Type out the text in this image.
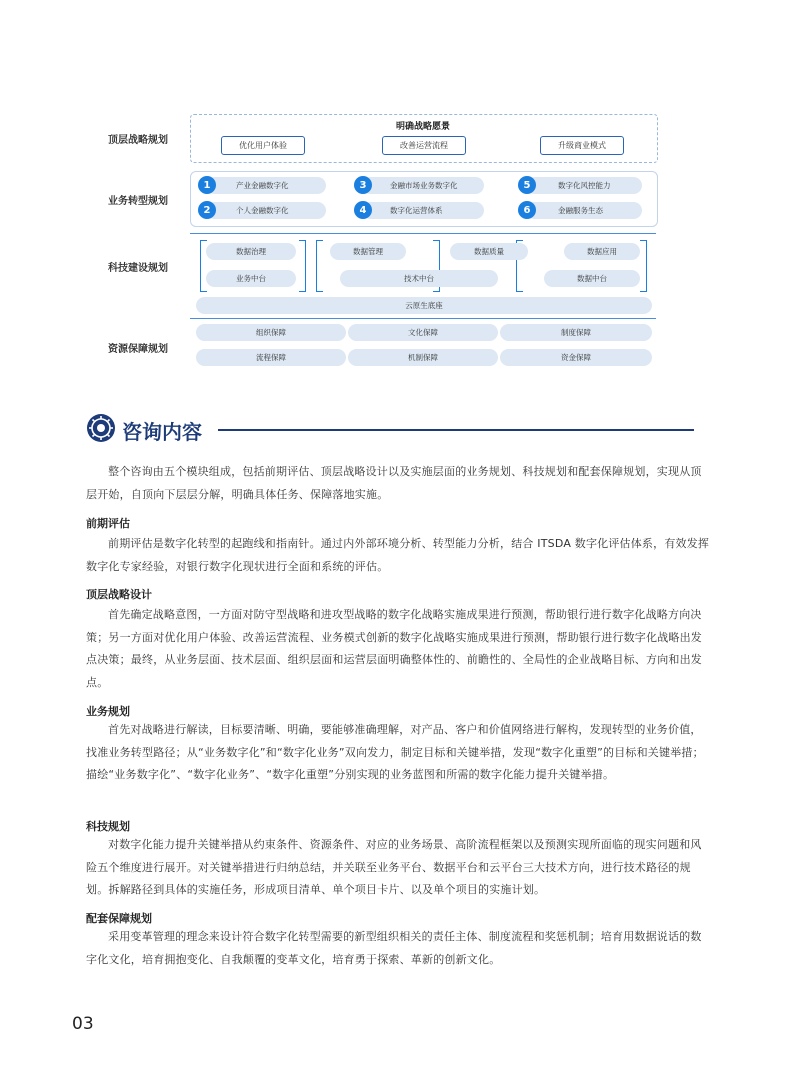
顶层战略规划
业务转型规划
科技建设规划
资源保障规划
明确战略愿景
优化用户体验	改善运营流程	升级商业模式
产业金融数字化
1
个人金融数字化
2
金融市场业务数字化
3
数字化运营体系
4
数字化风控能力
5
金融服务生态
6
数据治理	数据管理	数据质量	数据应用
业务中台	技术中台	数据中台
云原生底座
组织保障	文化保障	制度保障
流程保障	机制保障	资金保障
咨询内容
整个咨询由五个模块组成，包括前期评估、顶层战略设计以及实施层面的业务规划、科技规划和配套保障规划，实现从顶层开始，自顶向下层层分解，明确具体任务、保障落地实施。
前期评估
前期评估是数字化转型的起跑线和指南针。通过内外部环境分析、转型能力分析，结合 ITSDA 数字化评估体系，有效发挥数字化专家经验，对银行数字化现状进行全面和系统的评估。
顶层战略设计
首先确定战略意图，一方面对防守型战略和进攻型战略的数字化战略实施成果进行预测，帮助银行进行数字化战略方向决策；另一方面对优化用户体验、改善运营流程、业务模式创新的数字化战略实施成果进行预测，帮助银行进行数字化战略出发点决策；最终，从业务层面、技术层面、组织层面和运营层面明确整体性的、前瞻性的、全局性的企业战略目标、方向和出发点。
业务规划
首先对战略进行解读，目标要清晰、明确，要能够准确理解，对产品、客户和价值网络进行解构，发现转型的业务价值，找准业务转型路径；从“业务数字化”和“数字化业务”双向发力，制定目标和关键举措，发现“数字化重塑”的目标和关键举措；描绘“业务数字化”、“数字化业务”、“数字化重塑”分别实现的业务蓝图和所需的数字化能力提升关键举措。
科技规划
对数字化能力提升关键举措从约束条件、资源条件、对应的业务场景、高阶流程框架以及预测实现所面临的现实问题和风险五个维度进行展开。对关键举措进行归纳总结，并关联至业务平台、数据平台和云平台三大技术方向，进行技术路径的规划。拆解路径到具体的实施任务，形成项目清单、单个项目卡片、以及单个项目的实施计划。
配套保障规划
采用变革管理的理念来设计符合数字化转型需要的新型组织相关的责任主体、制度流程和奖惩机制；培育用数据说话的数字化文化，培育拥抱变化、自我颠覆的变革文化，培育勇于探索、革新的创新文化。
03
